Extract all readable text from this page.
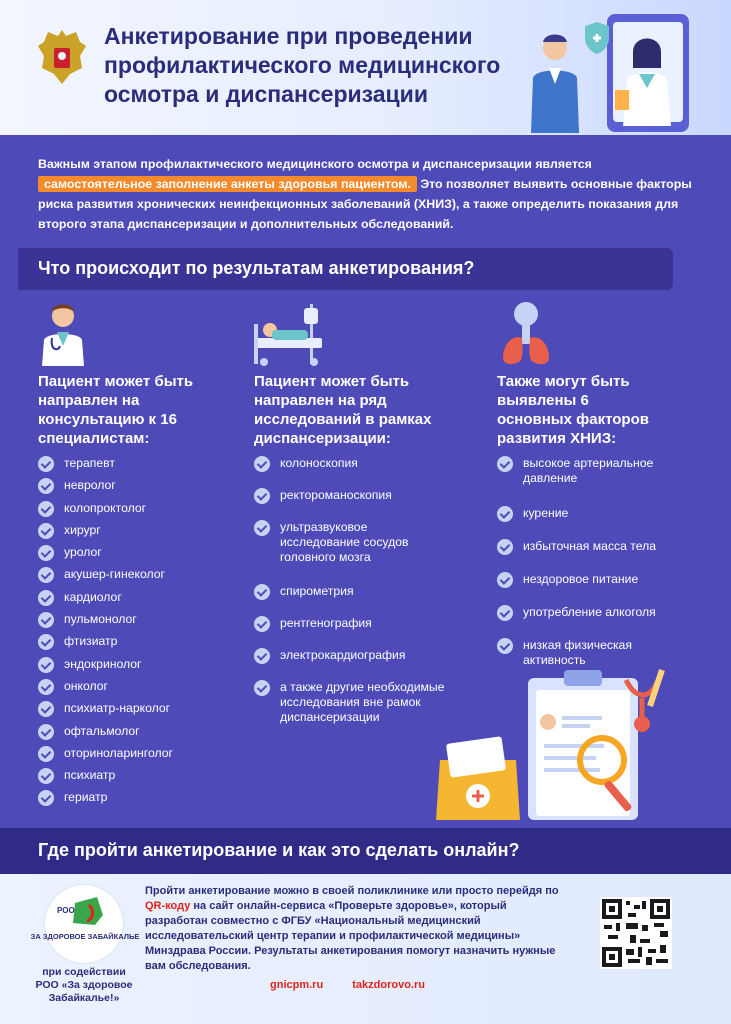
Анкетирование при проведении профилактического медицинского осмотра и диспансеризации
Важным этапом профилактического медицинского осмотра и диспансеризации является
самостоятельное заполнение анкеты здоровья пациентом. Это позволяет выявить основные факторы риска развития хронических неинфекционных заболеваний (ХНИЗ), а также определить показания для второго этапа диспансеризации и дополнительных обследований.
Что происходит по результатам анкетирования?
Пациент может быть направлен на консультацию к 16 специалистам:
терапевт
невролог
колопроктолог
хирург
уролог
акушер-гинеколог
кардиолог
пульмонолог
фтизиатр
эндокринолог
онколог
психиатр-нарколог
офтальмолог
оториноларинголог
психиатр
гериатр
Пациент может быть направлен на ряд исследований в рамках диспансеризации:
колоноскопия
ректороманоскопия
ультразвуковое исследование сосудов головного мозга
спирометрия
рентгенография
электрокардиография
а также другие необходимые исследования вне рамок диспансеризации
Также могут быть выявлены 6 основных факторов развития ХНИЗ:
высокое артериальное давление
курение
избыточная масса тела
нездоровое питание
употребление алкоголя
низкая физическая активность
Где пройти анкетирование и как это сделать онлайн?
РОО
ЗА ЗДОРОВОЕ ЗАБАЙКАЛЬЕ
при содействии РОО «За здоровое Забайкалье!»
Пройти анкетирование можно в своей поликлинике или просто перейдя по QR-коду на сайт онлайн-сервиса «Проверьте здоровье», который разработан совместно с ФГБУ «Национальный медицинский исследовательский центр терапии и профилактической медицины» Минздрава России. Результаты анкетирования помогут назначить нужные вам обследования.
gnicpm.ru	takzdorovo.ru
